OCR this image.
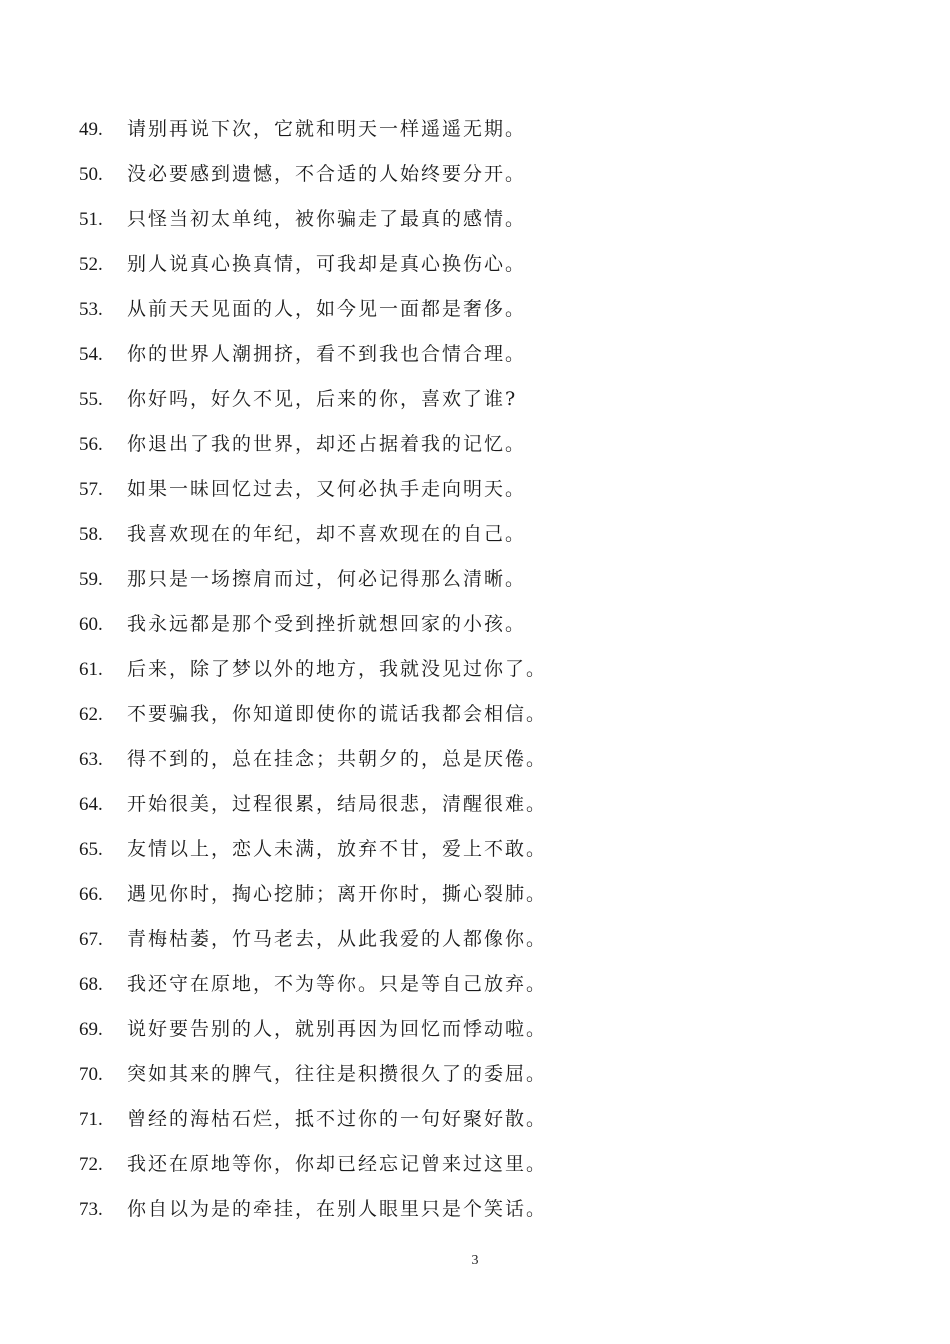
49.	请别再说下次，它就和明天一样遥遥无期。
50.	没必要感到遗憾，不合适的人始终要分开。
51.	只怪当初太单纯，被你骗走了最真的感情。
52.	别人说真心换真情，可我却是真心换伤心。
53.	从前天天见面的人，如今见一面都是奢侈。
54.	你的世界人潮拥挤，看不到我也合情合理。
55.	你好吗，好久不见，后来的你，喜欢了谁?
56.	你退出了我的世界，却还占据着我的记忆。
57.	如果一昧回忆过去，又何必执手走向明天。
58.	我喜欢现在的年纪，却不喜欢现在的自己。
59.	那只是一场擦肩而过，何必记得那么清晰。
60.	我永远都是那个受到挫折就想回家的小孩。
61.	后来，除了梦以外的地方，我就没见过你了。
62.	不要骗我，你知道即使你的谎话我都会相信。
63.	得不到的，总在挂念；共朝夕的，总是厌倦。
64.	开始很美，过程很累，结局很悲，清醒很难。
65.	友情以上，恋人未满，放弃不甘，爱上不敢。
66.	遇见你时，掏心挖肺；离开你时，撕心裂肺。
67.	青梅枯萎，竹马老去，从此我爱的人都像你。
68.	我还守在原地，不为等你。只是等自己放弃。
69.	说好要告别的人，就别再因为回忆而悸动啦。
70.	突如其来的脾气，往往是积攒很久了的委屈。
71.	曾经的海枯石烂，抵不过你的一句好聚好散。
72.	我还在原地等你，你却已经忘记曾来过这里。
73.	你自以为是的牵挂，在别人眼里只是个笑话。
3
